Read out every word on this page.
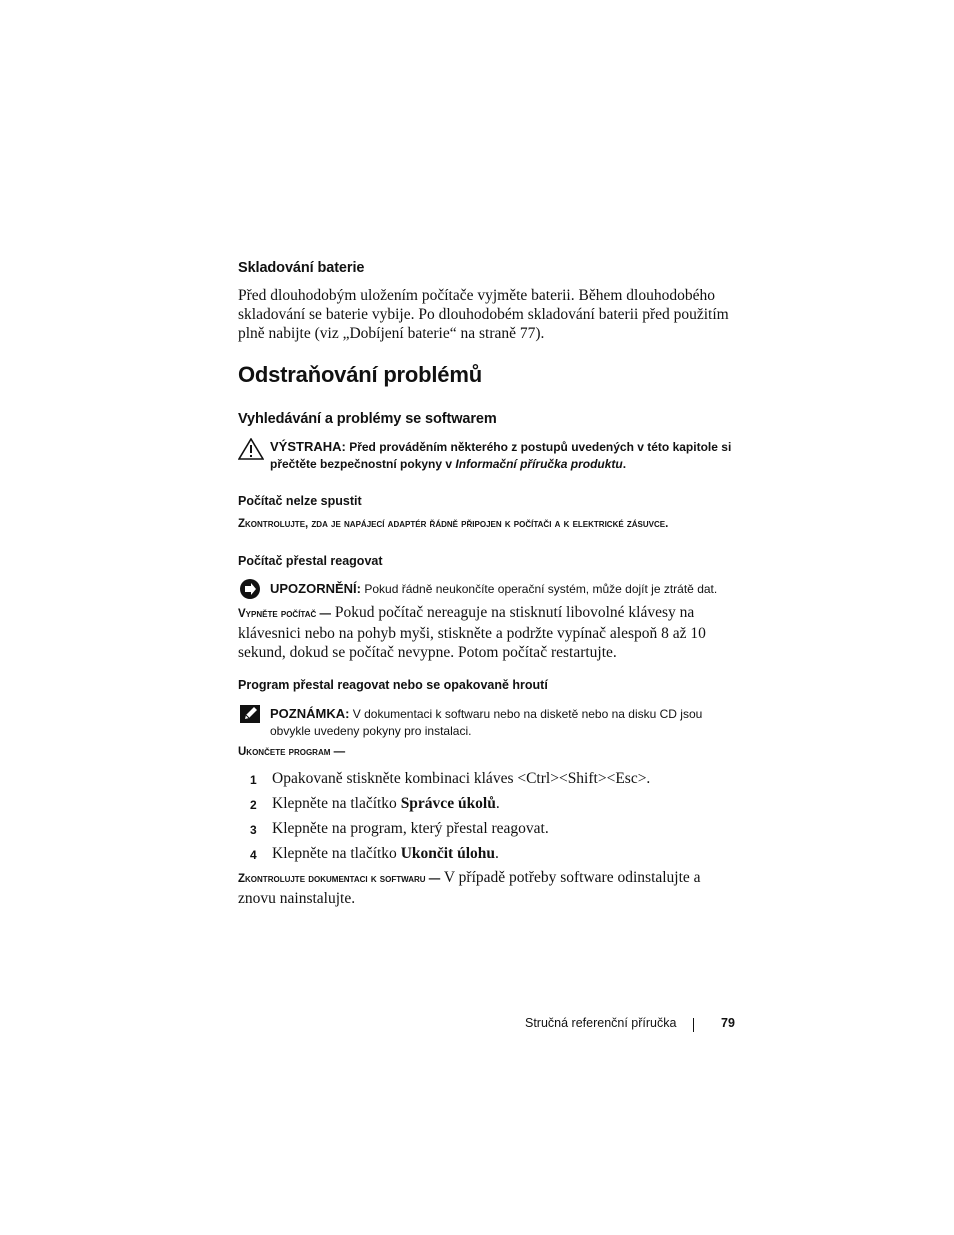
Skladování baterie

Před dlouhodobým uložením počítače vyjměte baterii. Během dlouhodobého skladování se baterie vybije. Po dlouhodobém skladování baterii před použitím plně nabijte (viz „Dobíjení baterie“ na straně 77).

Odstraňování problémů
Vyhledávání a problémy se softwarem
VÝSTRAHA: Před prováděním některého z postupů uvedených v této kapitole si přečtěte bezpečnostní pokyny v Informační příručka produktu.
Počítač nelze spustit
Zkontrolujte, zda je napájecí adaptér řádně připojen k počítači a k elektrické zásuvce.
Počítač přestal reagovat
UPOZORNĚNÍ: Pokud řádně neukončíte operační systém, může dojít je ztrátě dat.

Vypněte počítač — Pokud počítač nereaguje na stisknutí libovolné klávesy na klávesnici nebo na pohyb myši, stiskněte a podržte vypínač alespoň 8 až 10 sekund, dokud se počítač nevypne. Potom počítač restartujte.

Program přestal reagovat nebo se opakovaně hroutí
POZNÁMKA: V dokumentaci k softwaru nebo na disketě nebo na disku CD jsou obvykle uvedeny pokyny pro instalaci.
Ukončete program —
1 Opakovaně stiskněte kombinaci kláves <Ctrl><Shift><Esc>.
2 Klepněte na tlačítko Správce úkolů.
3 Klepněte na program, který přestal reagovat.
4 Klepněte na tlačítko Ukončit úlohu.

Zkontrolujte dokumentaci k softwaru — V případě potřeby software odinstalujte a znovu nainstalujte.

Stručná referenční příručka	79
